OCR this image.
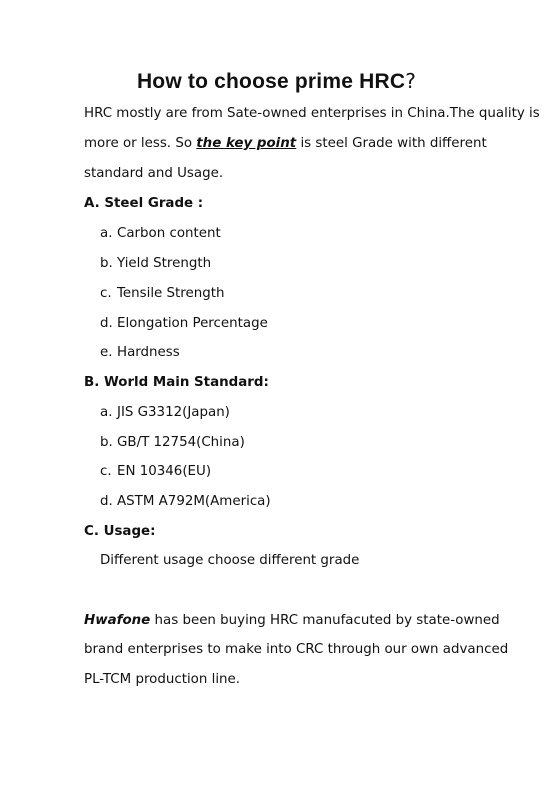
How to choose prime HRC?
HRC mostly are from Sate-owned enterprises in China.The quality is
more or less. So the key point is steel Grade with different
standard and Usage.
A. Steel Grade :
a. Carbon content
b. Yield Strength
c. Tensile Strength
d. Elongation Percentage
e. Hardness
B. World Main Standard:
a. JIS G3312(Japan)
b. GB/T 12754(China)
c. EN 10346(EU)
d. ASTM A792M(America)
C. Usage:
Different usage choose different grade
Hwafone has been buying HRC manufacuted by state-owned
brand enterprises to make into CRC through our own advanced
PL-TCM production line.
